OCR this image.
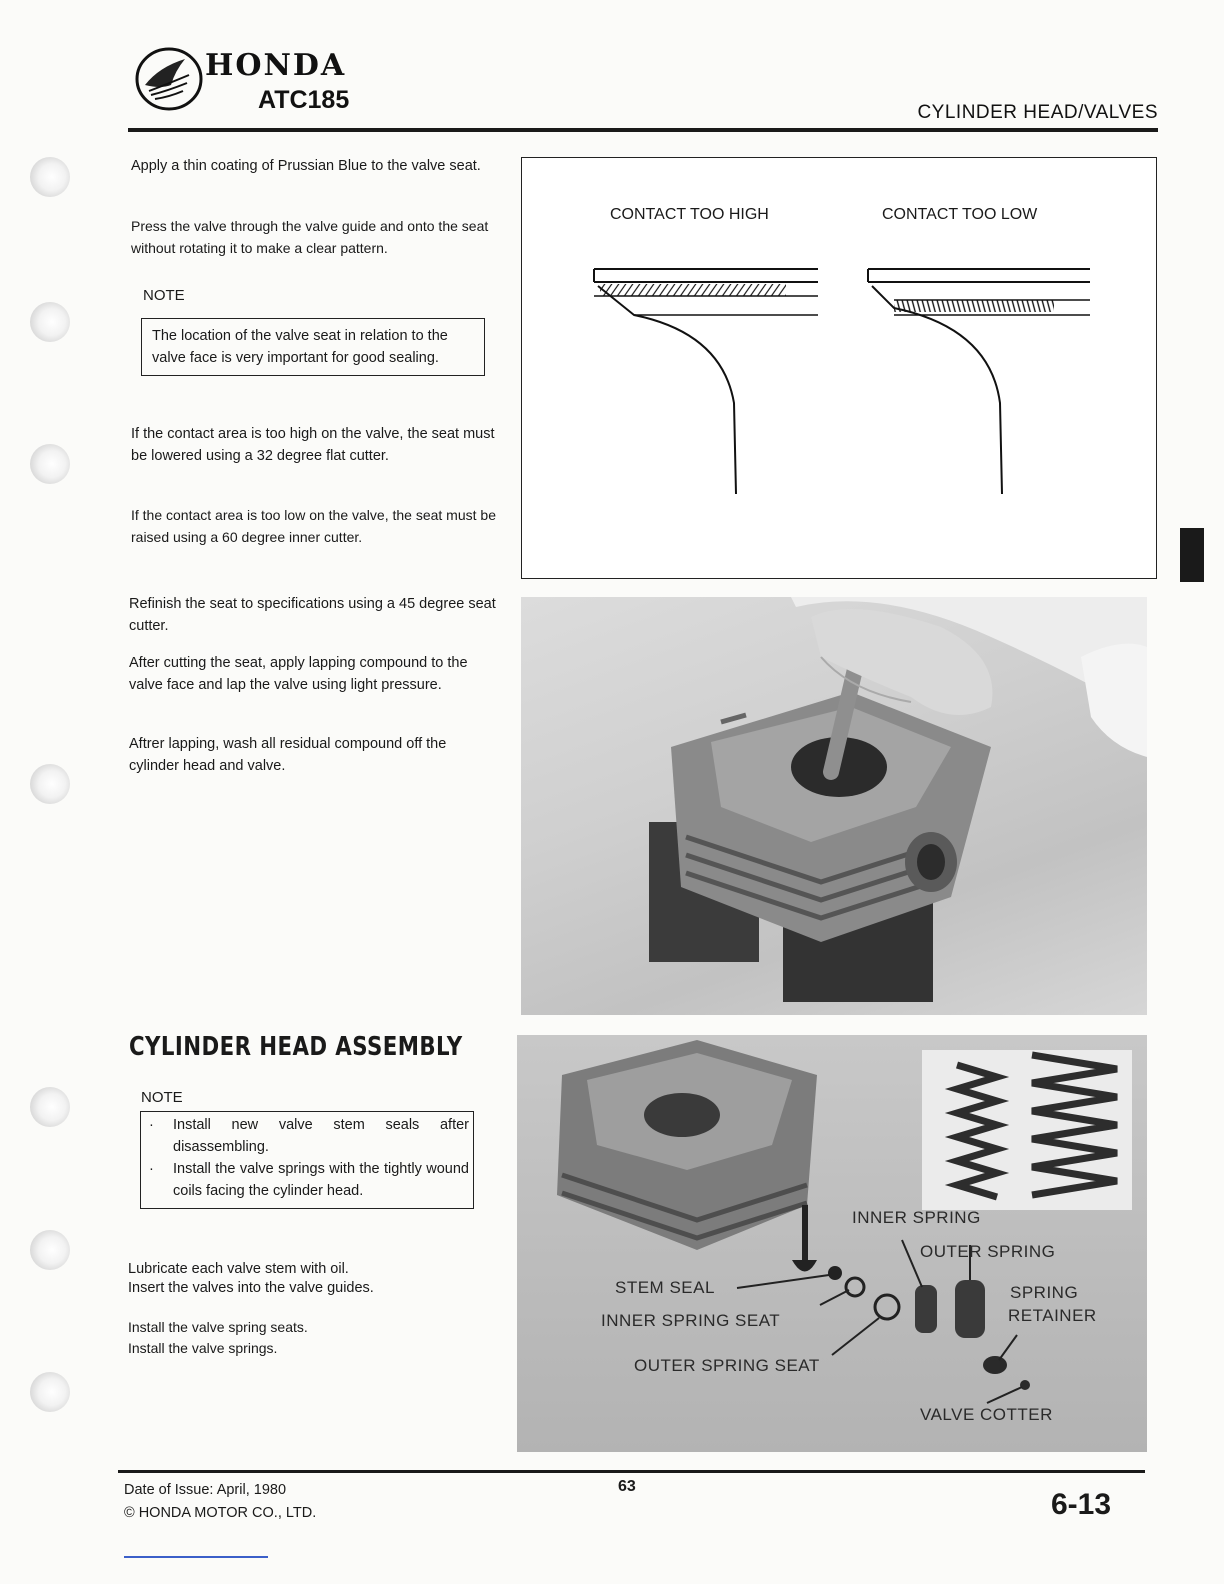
HONDA
ATC185	CYLINDER HEAD/VALVES
Apply a thin coating of Prussian Blue to the valve seat.
Press the valve through the valve guide and onto the seat without rotating it to make a clear pattern.
NOTE
The location of the valve seat in relation to the valve face is very important for good sealing.
If the contact area is too high on the valve, the seat must be lowered using a 32 degree flat cutter.
If the contact area is too low on the valve, the seat must be raised using a 60 degree inner cutter.
Refinish the seat to specifications using a 45 degree seat cutter.
After cutting the seat, apply lapping compound to the valve face and lap the valve using light pressure.
Aftrer lapping, wash all residual compound off the cylinder head and valve.
CONTACT TOO HIGH	CONTACT TOO LOW
CYLINDER HEAD ASSEMBLY
NOTE
·	Install new valve stem seals after disassembling.
·	Install the valve springs with the tightly wound coils facing the cylinder head.
Lubricate each valve stem with oil.
Insert the valves into the valve guides.
Install the valve spring seats.
Install the valve springs.
INNER SPRING
OUTER SPRING
SPRING
RETAINER
STEM SEAL
INNER SPRING SEAT
OUTER SPRING SEAT
VALVE COTTER
Date of Issue: April, 1980
© HONDA MOTOR CO., LTD.
63
6-13
